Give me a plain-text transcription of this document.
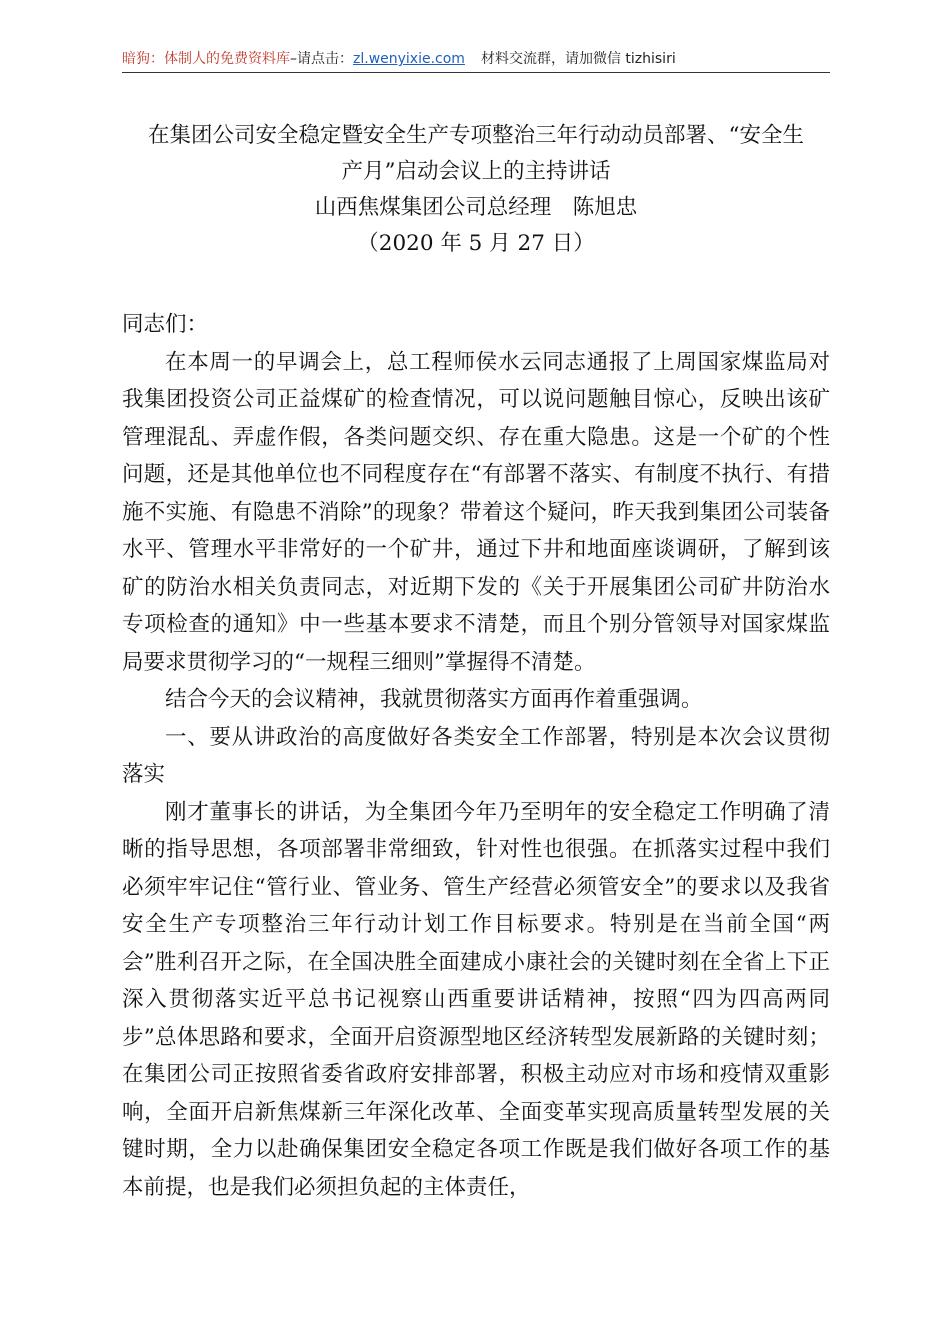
暗狗：体制人的免费资料库–请点击：zl.wenyixie.com 材料交流群，请加微信 tizhisiri
在集团公司安全稳定暨安全生产专项整治三年行动动员部署、“安全生
产月”启动会议上的主持讲话
山西焦煤集团公司总经理　陈旭忠
（2020 年 5 月 27 日）

同志们：

在本周一的早调会上，总工程师侯水云同志通报了上周国家煤监局对我集团投资公司正益煤矿的检查情况，可以说问题触目惊心，反映出该矿管理混乱、弄虚作假，各类问题交织、存在重大隐患。这是一个矿的个性问题，还是其他单位也不同程度存在“有部署不落实、有制度不执行、有措施不实施、有隐患不消除”的现象？带着这个疑问，昨天我到集团公司装备水平、管理水平非常好的一个矿井，通过下井和地面座谈调研，了解到该矿的防治水相关负责同志，对近期下发的《关于开展集团公司矿井防治水专项检查的通知》中一些基本要求不清楚，而且个别分管领导对国家煤监局要求贯彻学习的“一规程三细则”掌握得不清楚。

结合今天的会议精神，我就贯彻落实方面再作着重强调。

一、要从讲政治的高度做好各类安全工作部署，特别是本次会议贯彻落实

刚才董事长的讲话，为全集团今年乃至明年的安全稳定工作明确了清晰的指导思想，各项部署非常细致，针对性也很强。在抓落实过程中我们必须牢牢记住“管行业、管业务、管生产经营必须管安全”的要求以及我省安全生产专项整治三年行动计划工作目标要求。特别是在当前全国“两会”胜利召开之际，在全国决胜全面建成小康社会的关键时刻在全省上下正深入贯彻落实近平总书记视察山西重要讲话精神，按照“四为四高两同步”总体思路和要求，全面开启资源型地区经济转型发展新路的关键时刻；在集团公司正按照省委省政府安排部署，积极主动应对市场和疫情双重影响，全面开启新焦煤新三年深化改革、全面变革实现高质量转型发展的关键时期，全力以赴确保集团安全稳定各项工作既是我们做好各项工作的基本前提，也是我们必须担负起的主体责任，
